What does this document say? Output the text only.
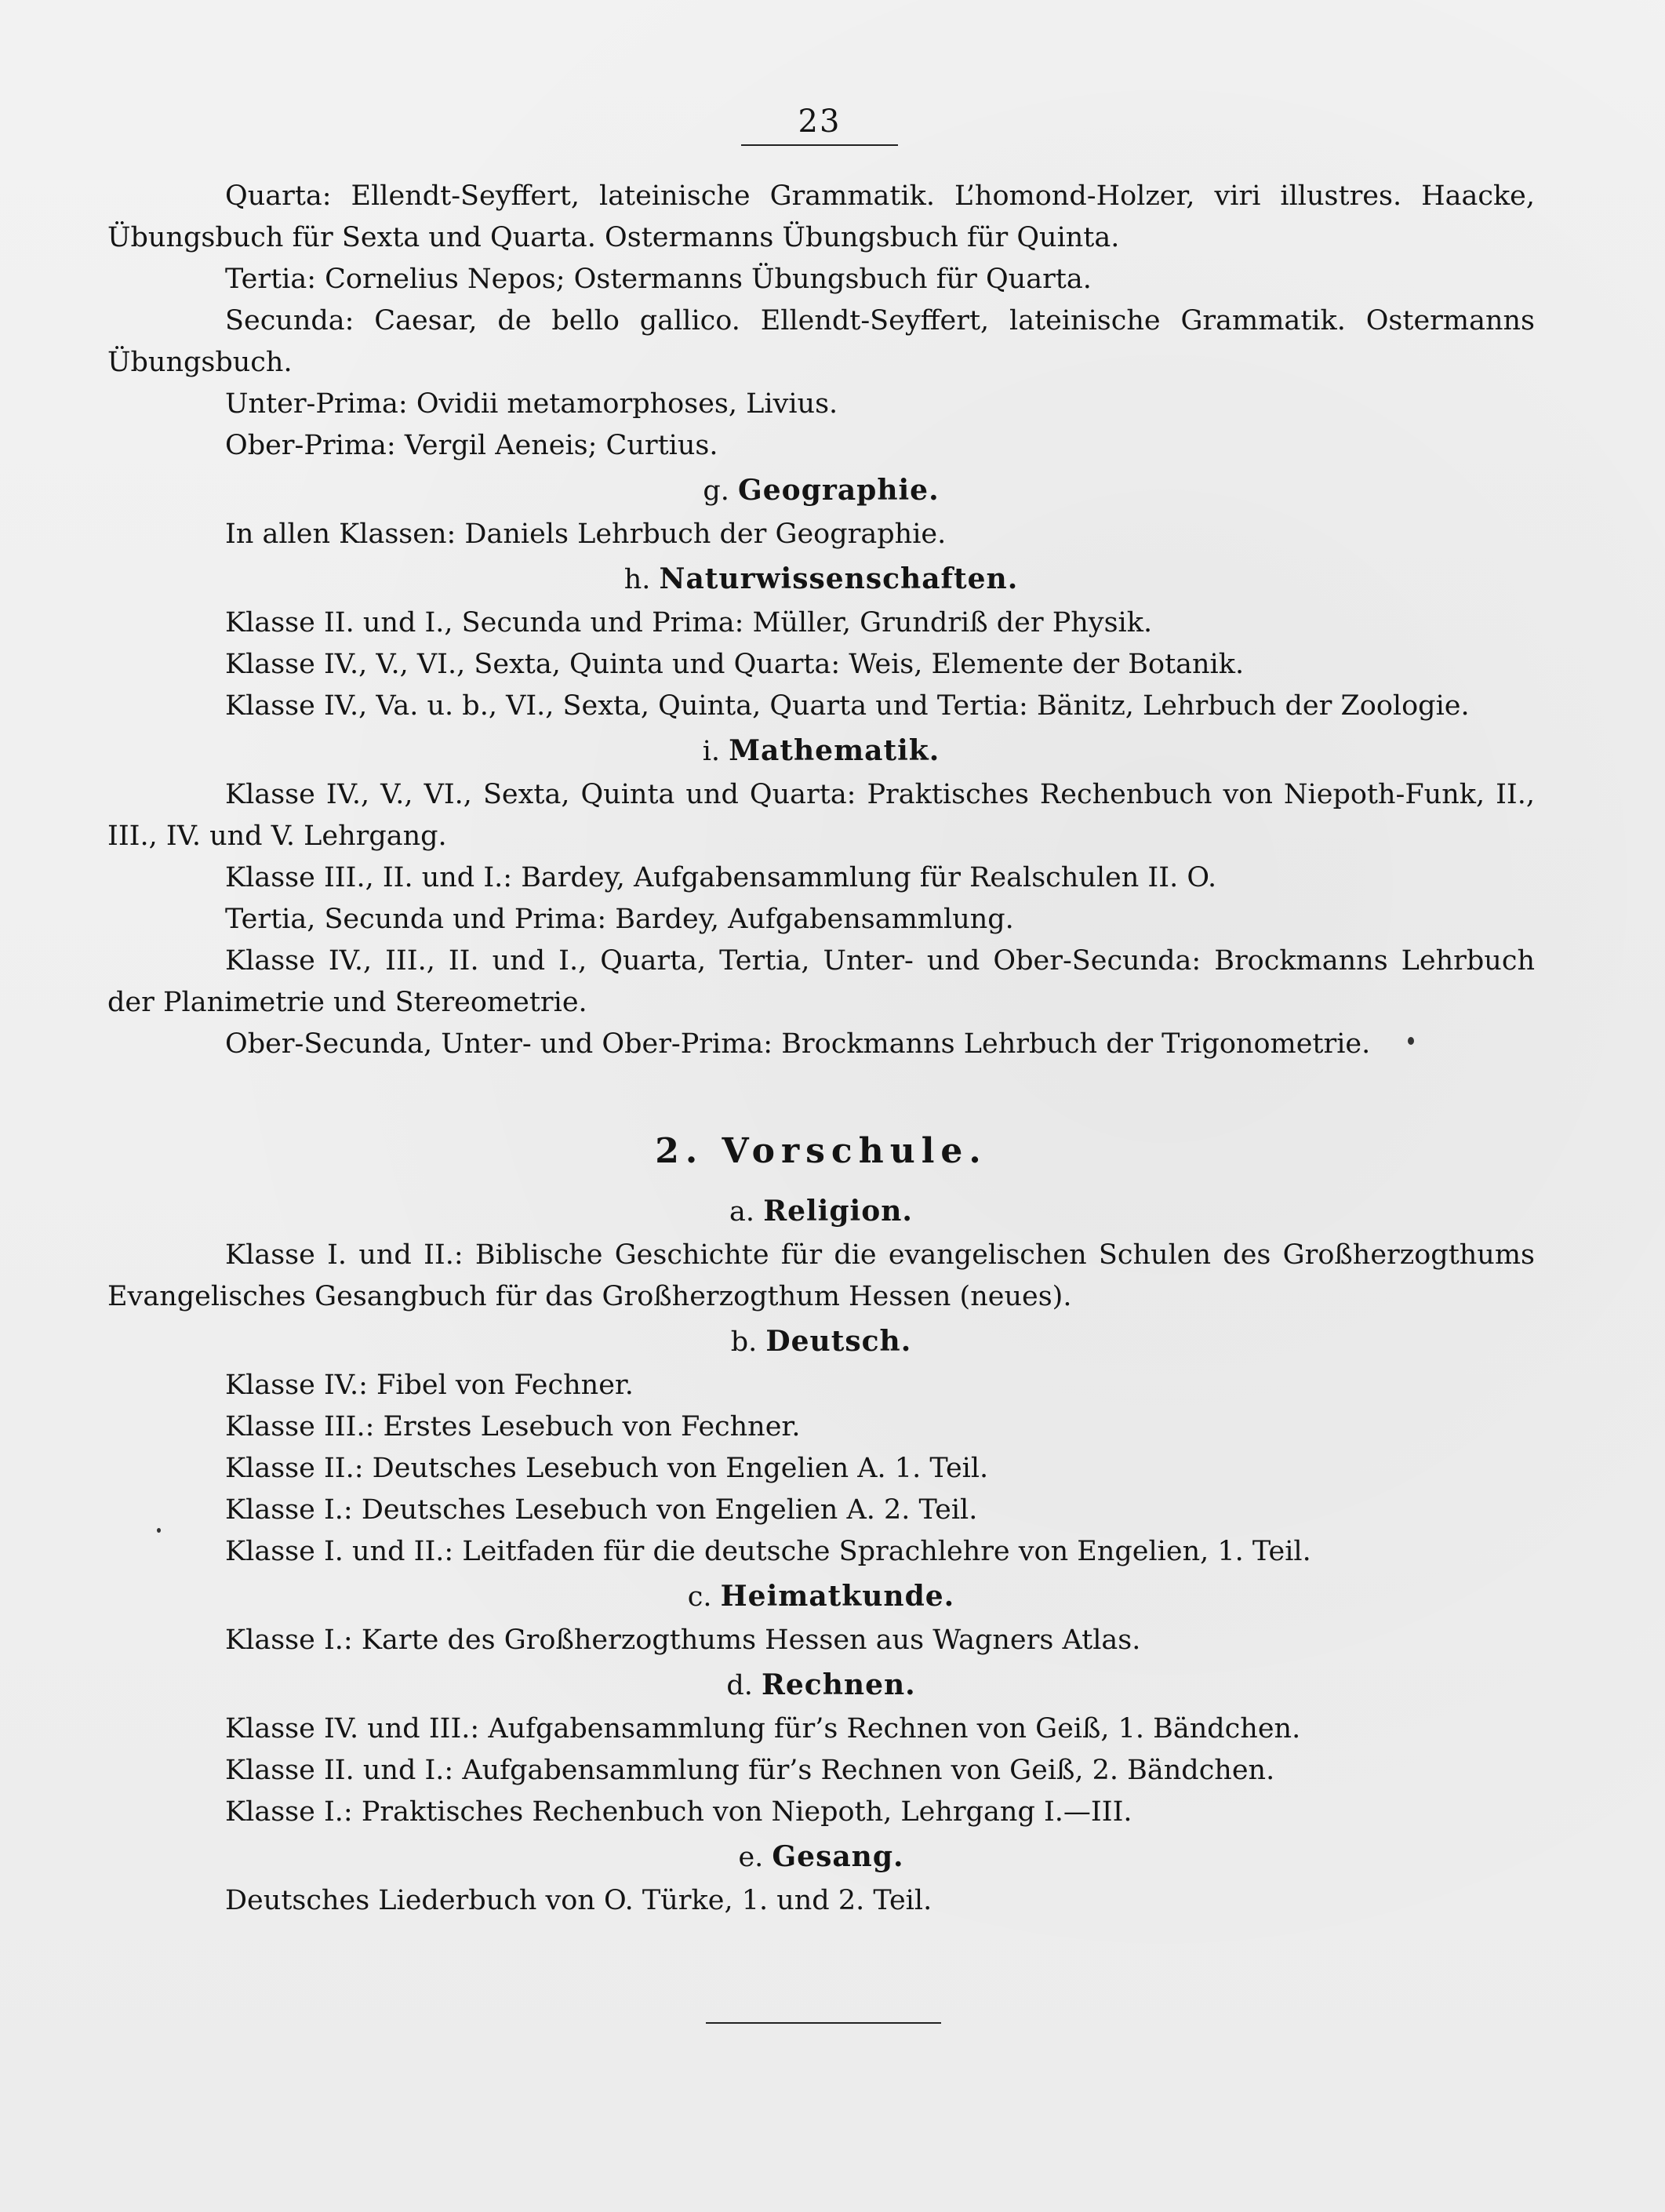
23
Quarta: Ellendt-Seyffert, lateinische Grammatik. L’homond-Holzer, viri illustres. Haacke,
Übungsbuch für Sexta und Quarta. Ostermanns Übungsbuch für Quinta.
Tertia: Cornelius Nepos; Ostermanns Übungsbuch für Quarta.
Secunda: Caesar, de bello gallico. Ellendt-Seyffert, lateinische Grammatik. Ostermanns
Übungsbuch.
Unter-Prima: Ovidii metamorphoses, Livius.
Ober-Prima: Vergil Aeneis; Curtius.
g. Geographie.
In allen Klassen: Daniels Lehrbuch der Geographie.
h. Naturwissenschaften.
Klasse II. und I., Secunda und Prima: Müller, Grundriß der Physik.
Klasse IV., V., VI., Sexta, Quinta und Quarta: Weis, Elemente der Botanik.
Klasse IV., Va. u. b., VI., Sexta, Quinta, Quarta und Tertia: Bänitz, Lehrbuch der Zoologie.
i. Mathematik.
Klasse IV., V., VI., Sexta, Quinta und Quarta: Praktisches Rechenbuch von Niepoth-Funk, II.,
III., IV. und V. Lehrgang.
Klasse III., II. und I.: Bardey, Aufgabensammlung für Realschulen II. O.
Tertia, Secunda und Prima: Bardey, Aufgabensammlung.
Klasse IV., III., II. und I., Quarta, Tertia, Unter- und Ober-Secunda: Brockmanns Lehrbuch
der Planimetrie und Stereometrie.
Ober-Secunda, Unter- und Ober-Prima: Brockmanns Lehrbuch der Trigonometrie.
2. Vorschule.
a. Religion.
Klasse I. und II.: Biblische Geschichte für die evangelischen Schulen des Großherzogthums
Evangelisches Gesangbuch für das Großherzogthum Hessen (neues).
b. Deutsch.
Klasse IV.: Fibel von Fechner.
Klasse III.: Erstes Lesebuch von Fechner.
Klasse II.: Deutsches Lesebuch von Engelien A. 1. Teil.
Klasse I.: Deutsches Lesebuch von Engelien A. 2. Teil.
Klasse I. und II.: Leitfaden für die deutsche Sprachlehre von Engelien, 1. Teil.
c. Heimatkunde.
Klasse I.: Karte des Großherzogthums Hessen aus Wagners Atlas.
d. Rechnen.
Klasse IV. und III.: Aufgabensammlung für’s Rechnen von Geiß, 1. Bändchen.
Klasse II. und I.: Aufgabensammlung für’s Rechnen von Geiß, 2. Bändchen.
Klasse I.: Praktisches Rechenbuch von Niepoth, Lehrgang I.—III.
e. Gesang.
Deutsches Liederbuch von O. Türke, 1. und 2. Teil.
